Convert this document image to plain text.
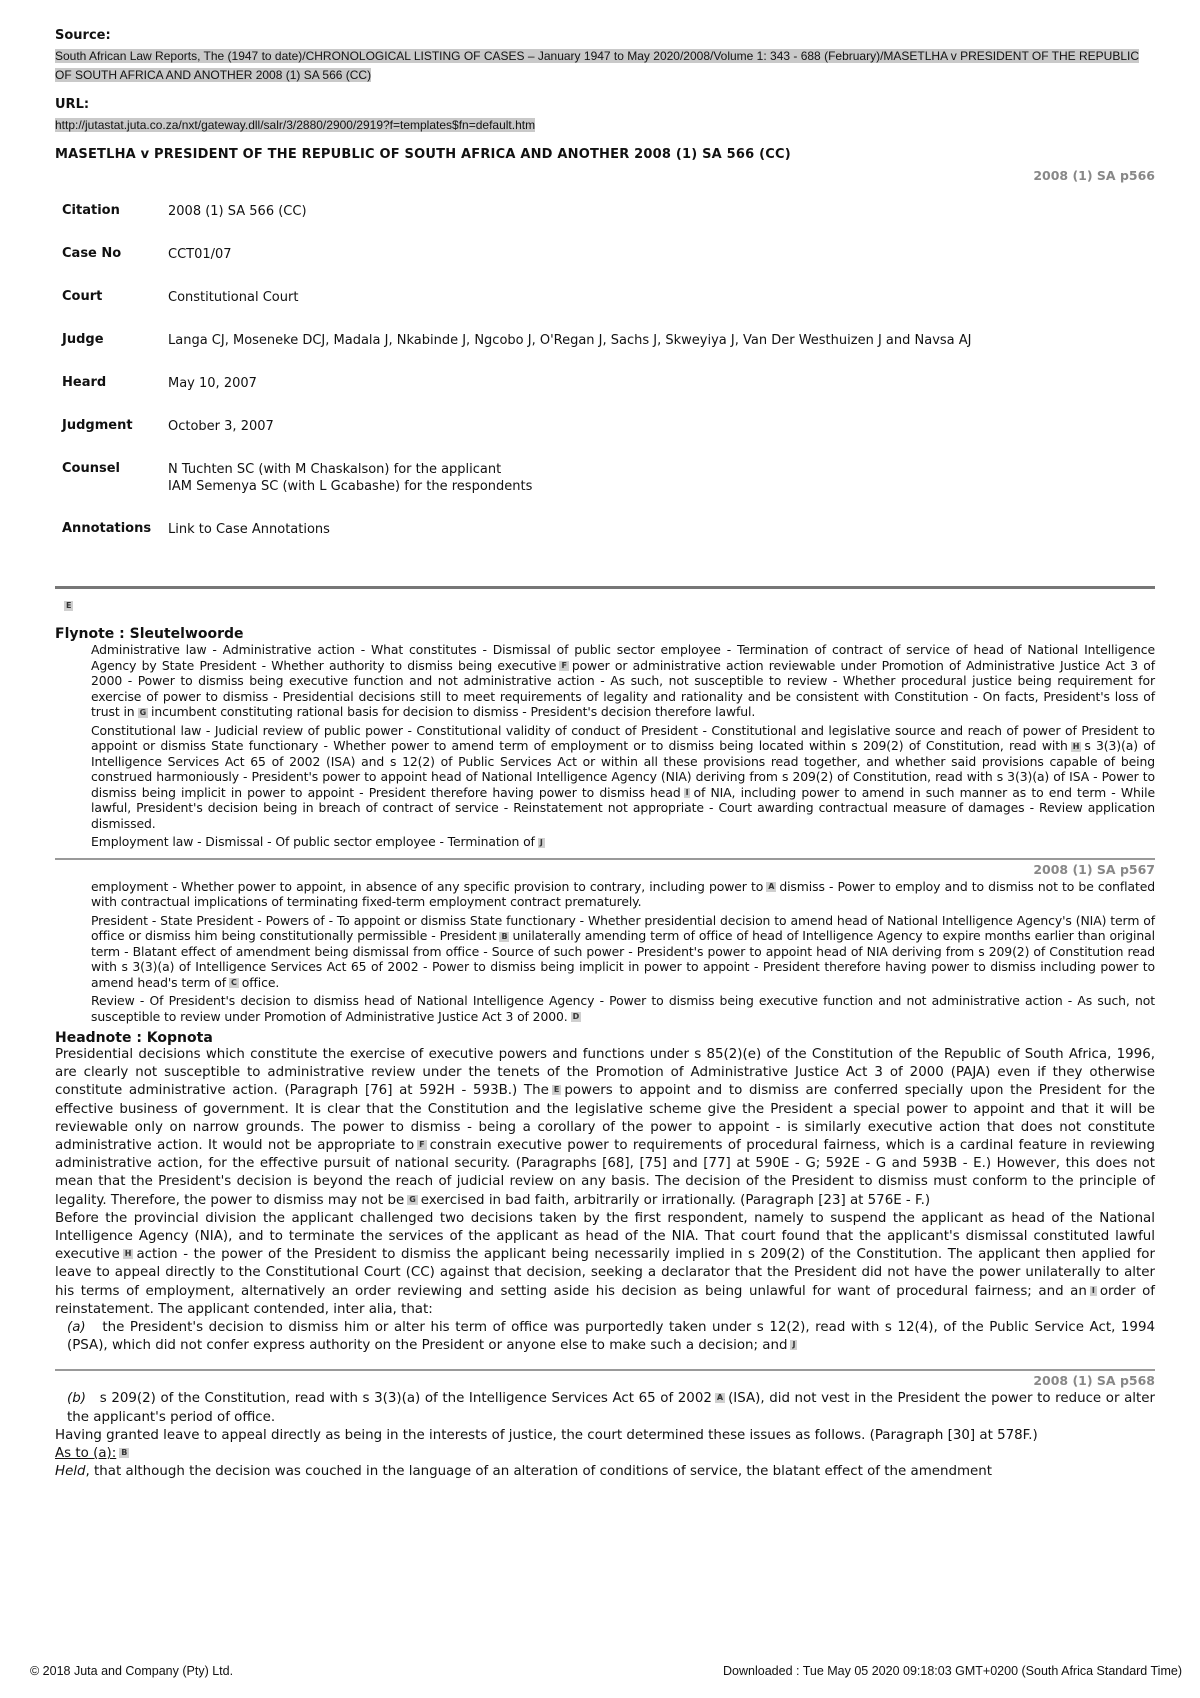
Source:
South African Law Reports, The (1947 to date)/CHRONOLOGICAL LISTING OF CASES – January 1947 to May 2020/2008/Volume 1: 343 - 688 (February)/MASETLHA v PRESIDENT OF THE REPUBLIC OF SOUTH AFRICA AND ANOTHER 2008 (1) SA 566 (CC)
URL:
http://jutastat.juta.co.za/nxt/gateway.dll/salr/3/2880/2900/2919?f=templates$fn=default.htm
MASETLHA v PRESIDENT OF THE REPUBLIC OF SOUTH AFRICA AND ANOTHER 2008 (1) SA 566 (CC)
2008 (1) SA p566
Citation	2008 (1) SA 566 (CC)
Case No	CCT01/07
Court	Constitutional Court
Judge	Langa CJ, Moseneke DCJ, Madala J, Nkabinde J, Ngcobo J, O'Regan J, Sachs J, Skweyiya J, Van Der Westhuizen J and Navsa AJ
Heard	May 10, 2007
Judgment	October 3, 2007
Counsel	N Tuchten SC (with M Chaskalson) for the applicant
IAM Semenya SC (with L Gcabashe) for the respondents

Annotations	Link to Case Annotations
E
Flynote : Sleutelwoorde

Administrative law - Administrative action - What constitutes - Dismissal of public sector employee - Termination of contract of service of head of National Intelligence Agency by State President - Whether authority to dismiss being executive F power or administrative action reviewable under Promotion of Administrative Justice Act 3 of 2000 - Power to dismiss being executive function and not administrative action - As such, not susceptible to review - Whether procedural justice being requirement for exercise of power to dismiss - Presidential decisions still to meet requirements of legality and rationality and be consistent with Constitution - On facts, President's loss of trust in G incumbent constituting rational basis for decision to dismiss - President's decision therefore lawful.

Constitutional law - Judicial review of public power - Constitutional validity of conduct of President - Constitutional and legislative source and reach of power of President to appoint or dismiss State functionary - Whether power to amend term of employment or to dismiss being located within s 209(2) of Constitution, read with H s 3(3)(a) of Intelligence Services Act 65 of 2002 (ISA) and s 12(2) of Public Services Act or within all these provisions read together, and whether said provisions capable of being construed harmoniously - President's power to appoint head of National Intelligence Agency (NIA) deriving from s 209(2) of Constitution, read with s 3(3)(a) of ISA - Power to dismiss being implicit in power to appoint - President therefore having power to dismiss head I of NIA, including power to amend in such manner as to end term - While lawful, President's decision being in breach of contract of service - Reinstatement not appropriate - Court awarding contractual measure of damages - Review application dismissed.

Employment law - Dismissal - Of public sector employee - Termination of J

2008 (1) SA p567

employment - Whether power to appoint, in absence of any specific provision to contrary, including power to A dismiss - Power to employ and to dismiss not to be conflated with contractual implications of terminating fixed-term employment contract prematurely.

President - State President - Powers of - To appoint or dismiss State functionary - Whether presidential decision to amend head of National Intelligence Agency's (NIA) term of office or dismiss him being constitutionally permissible - President B unilaterally amending term of office of head of Intelligence Agency to expire months earlier than original term - Blatant effect of amendment being dismissal from office - Source of such power - President's power to appoint head of NIA deriving from s 209(2) of Constitution read with s 3(3)(a) of Intelligence Services Act 65 of 2002 - Power to dismiss being implicit in power to appoint - President therefore having power to dismiss including power to amend head's term of C office.

Review - Of President's decision to dismiss head of National Intelligence Agency - Power to dismiss being executive function and not administrative action - As such, not susceptible to review under Promotion of Administrative Justice Act 3 of 2000. D

Headnote : Kopnota

Presidential decisions which constitute the exercise of executive powers and functions under s 85(2)(e) of the Constitution of the Republic of South Africa, 1996, are clearly not susceptible to administrative review under the tenets of the Promotion of Administrative Justice Act 3 of 2000 (PAJA) even if they otherwise constitute administrative action. (Paragraph [76] at 592H - 593B.) The E powers to appoint and to dismiss are conferred specially upon the President for the effective business of government. It is clear that the Constitution and the legislative scheme give the President a special power to appoint and that it will be reviewable only on narrow grounds. The power to dismiss - being a corollary of the power to appoint - is similarly executive action that does not constitute administrative action. It would not be appropriate to F constrain executive power to requirements of procedural fairness, which is a cardinal feature in reviewing administrative action, for the effective pursuit of national security. (Paragraphs [68], [75] and [77] at 590E - G; 592E - G and 593B - E.) However, this does not mean that the President's decision is beyond the reach of judicial review on any basis. The decision of the President to dismiss must conform to the principle of legality. Therefore, the power to dismiss may not be G exercised in bad faith, arbitrarily or irrationally. (Paragraph [23] at 576E - F.)

Before the provincial division the applicant challenged two decisions taken by the first respondent, namely to suspend the applicant as head of the National Intelligence Agency (NIA), and to terminate the services of the applicant as head of the NIA. That court found that the applicant's dismissal constituted lawful executive H action - the power of the President to dismiss the applicant being necessarily implied in s 209(2) of the Constitution. The applicant then applied for leave to appeal directly to the Constitutional Court (CC) against that decision, seeking a declarator that the President did not have the power unilaterally to alter his terms of employment, alternatively an order reviewing and setting aside his decision as being unlawful for want of procedural fairness; and an I order of reinstatement. The applicant contended, inter alia, that:

(a) the President's decision to dismiss him or alter his term of office was purportedly taken under s 12(2), read with s 12(4), of the Public Service Act, 1994 (PSA), which did not confer express authority on the President or anyone else to make such a decision; and J

2008 (1) SA p568

(b) s 209(2) of the Constitution, read with s 3(3)(a) of the Intelligence Services Act 65 of 2002 A (ISA), did not vest in the President the power to reduce or alter the applicant's period of office.

Having granted leave to appeal directly as being in the interests of justice, the court determined these issues as follows. (Paragraph [30] at 578F.)

As to (a): B

Held, that although the decision was couched in the language of an alteration of conditions of service, the blatant effect of the amendment

© 2018 Juta and Company (Pty) Ltd.	Downloaded : Tue May 05 2020 09:18:03 GMT+0200 (South Africa Standard Time)
